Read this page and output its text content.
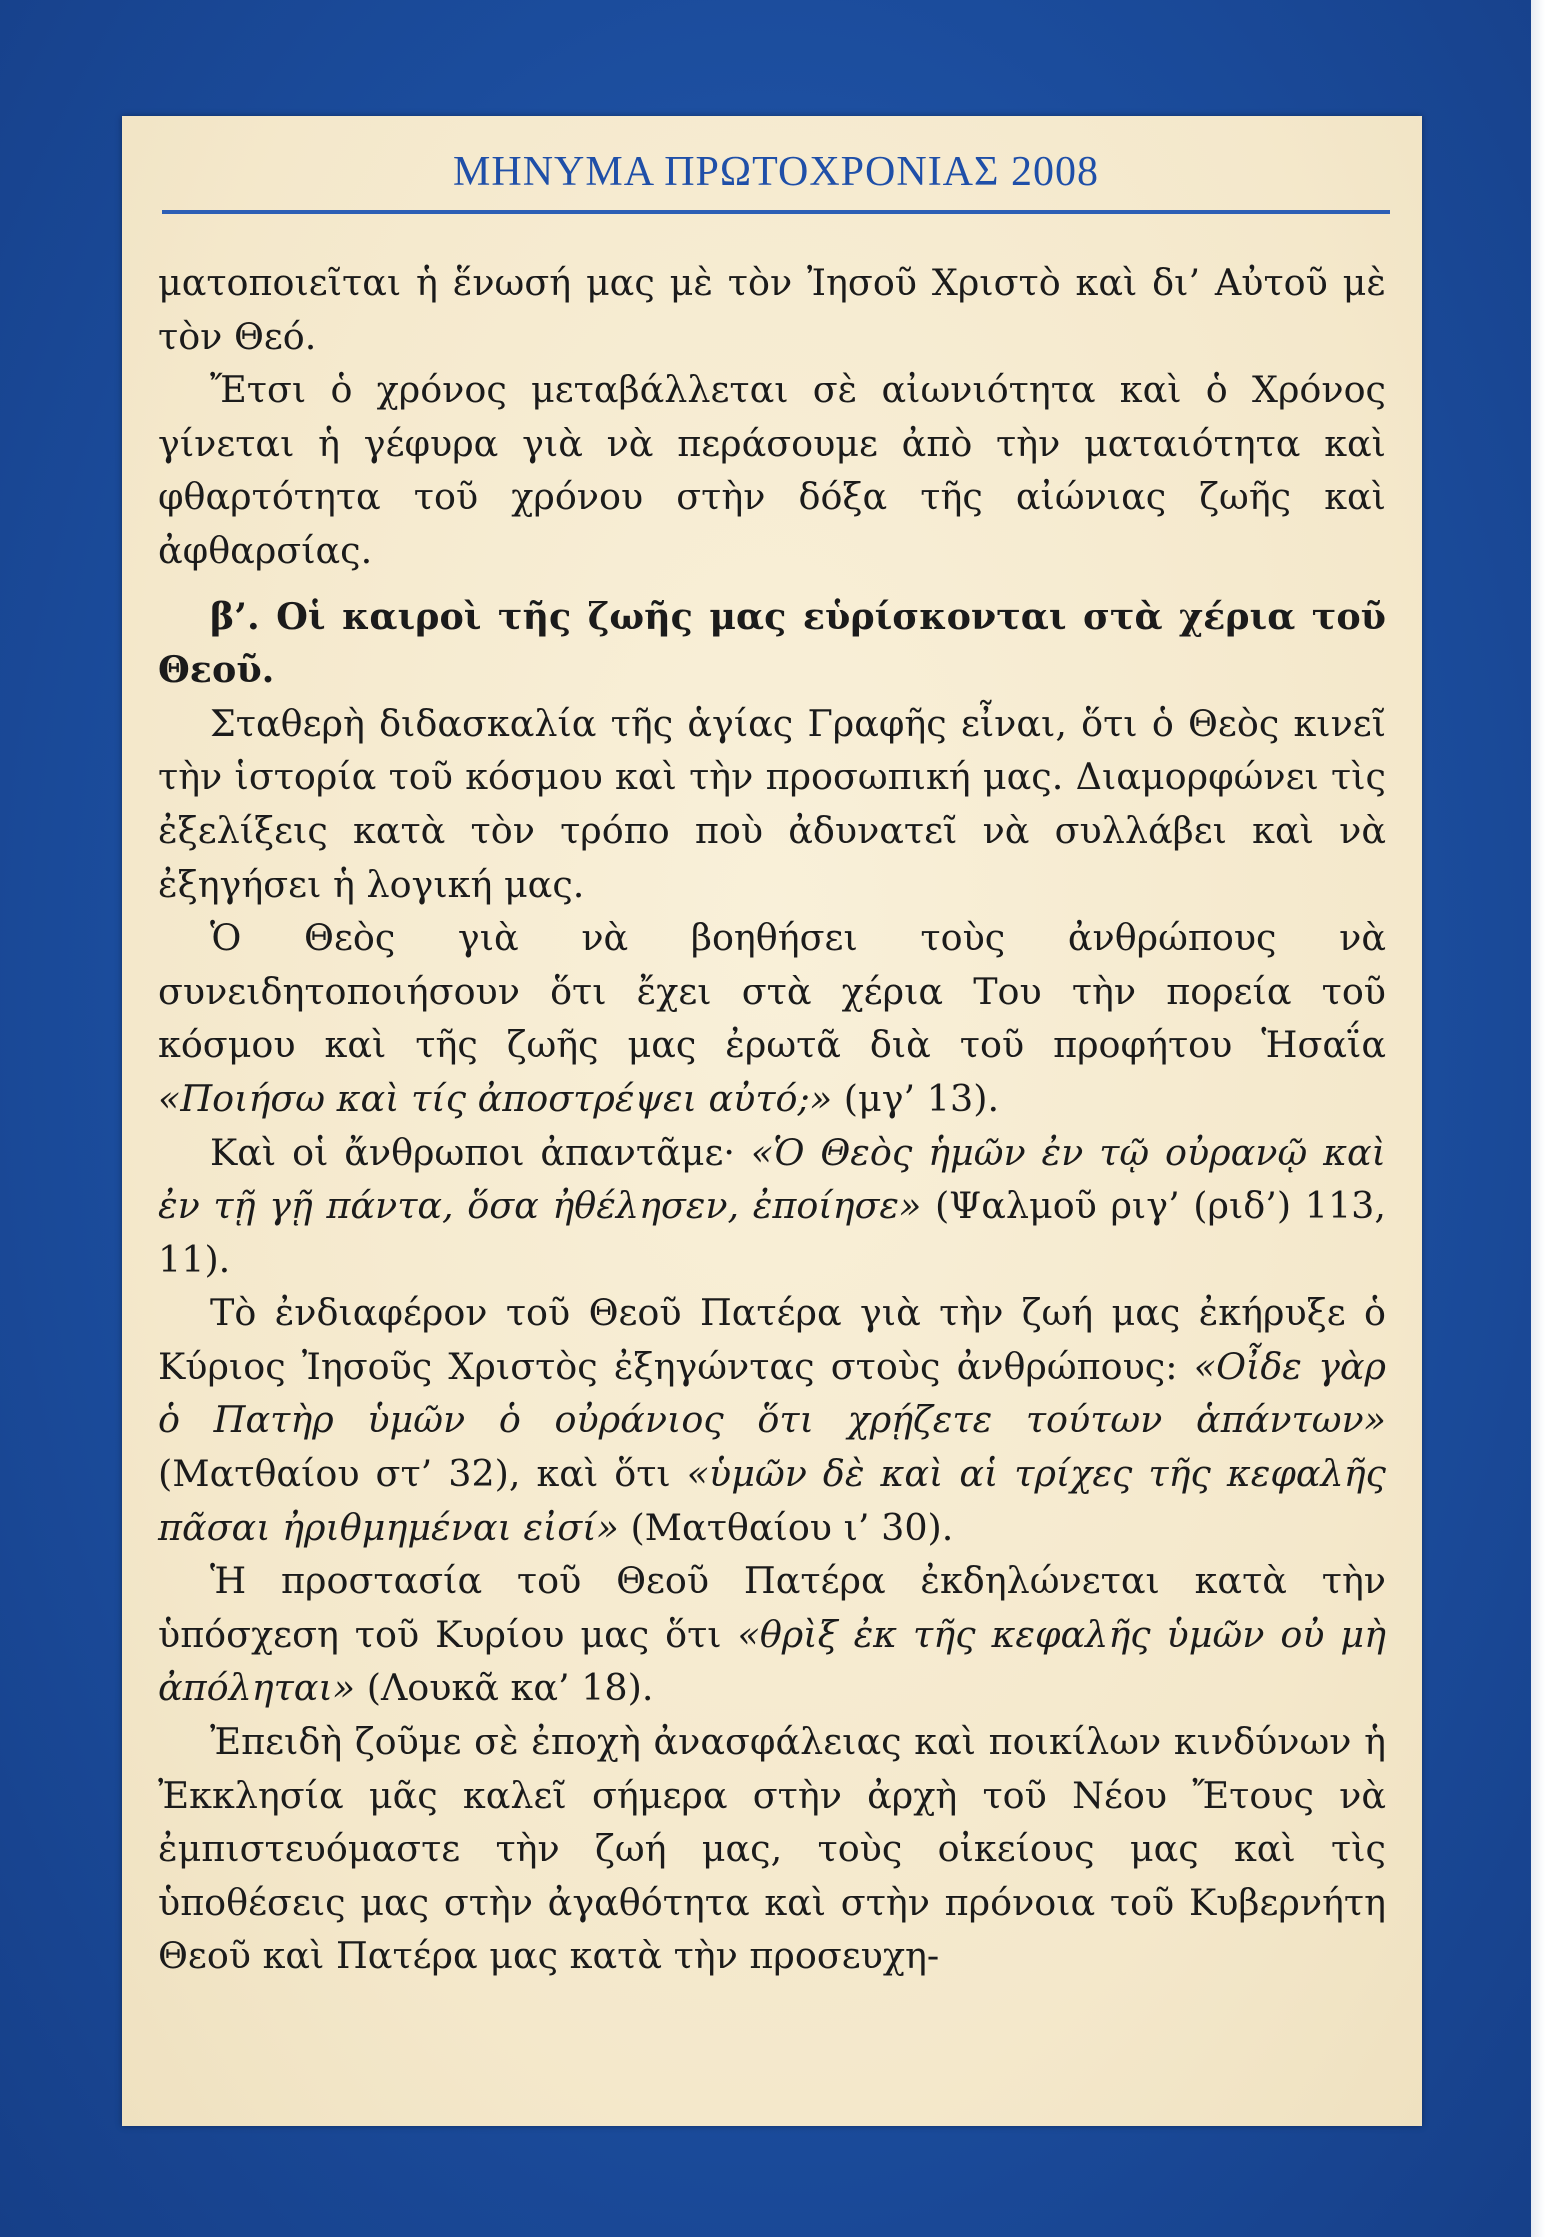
ΜΗΝΥΜΑ ΠΡΩΤΟΧΡΟΝΙΑΣ 2008

ματοποιεῖται ἡ ἕνωσή μας μὲ τὸν Ἰησοῦ Χριστὸ καὶ δι’ Αὐτοῦ μὲ τὸν Θεό.

Ἔτσι ὁ χρόνος μεταβάλλεται σὲ αἰωνιότητα καὶ ὁ Χρόνος γίνεται ἡ γέφυρα γιὰ νὰ περάσουμε ἀπὸ τὴν ματαιότητα καὶ φθαρτότητα τοῦ χρόνου στὴν δόξα τῆς αἰώνιας ζωῆς καὶ ἀφθαρσίας.

β’. Οἱ καιροὶ τῆς ζωῆς μας εὑρίσκονται στὰ χέρια τοῦ Θεοῦ.

Σταθερὴ διδασκαλία τῆς ἁγίας Γραφῆς εἶναι, ὅτι ὁ Θεὸς κινεῖ τὴν ἱστορία τοῦ κόσμου καὶ τὴν προσωπική μας. Διαμορφώνει τὶς ἐξελίξεις κατὰ τὸν τρόπο ποὺ ἀδυνατεῖ νὰ συλλάβει καὶ νὰ ἐξηγήσει ἡ λογική μας.

Ὁ Θεὸς γιὰ νὰ βοηθήσει τοὺς ἀνθρώπους νὰ συνειδητοποιήσουν ὅτι ἔχει στὰ χέρια Του τὴν πορεία τοῦ κόσμου καὶ τῆς ζωῆς μας ἐρωτᾶ διὰ τοῦ προφήτου Ἡσαΐα «Ποιήσω καὶ τίς ἀποστρέψει αὐτό;» (μγ’ 13).

Καὶ οἱ ἄνθρωποι ἀπαντᾶμε· «Ὁ Θεὸς ἡμῶν ἐν τῷ οὐρανῷ καὶ ἐν τῇ γῇ πάντα, ὅσα ἠθέλησεν, ἐποίησε» (Ψαλμοῦ ριγ’ (ριδ’) 113, 11).

Τὸ ἐνδιαφέρον τοῦ Θεοῦ Πατέρα γιὰ τὴν ζωή μας ἐκήρυξε ὁ Κύριος Ἰησοῦς Χριστὸς ἐξηγώντας στοὺς ἀνθρώπους: «Οἶδε γὰρ ὁ Πατὴρ ὑμῶν ὁ οὐράνιος ὅτι χρῄζετε τούτων ἁπάντων» (Ματθαίου στ’ 32), καὶ ὅτι «ὑμῶν δὲ καὶ αἱ τρίχες τῆς κεφαλῆς πᾶσαι ἠριθμημέναι εἰσί» (Ματθαίου ι’ 30).

Ἡ προστασία τοῦ Θεοῦ Πατέρα ἐκδηλώνεται κατὰ τὴν ὑπόσχεση τοῦ Κυρίου μας ὅτι «θρὶξ ἐκ τῆς κεφαλῆς ὑμῶν οὐ μὴ ἀπόληται» (Λουκᾶ κα’ 18).

Ἐπειδὴ ζοῦμε σὲ ἐποχὴ ἀνασφάλειας καὶ ποικίλων κινδύνων ἡ Ἐκκλησία μᾶς καλεῖ σήμερα στὴν ἀρχὴ τοῦ Νέου Ἔτους νὰ ἐμπιστευόμαστε τὴν ζωή μας, τοὺς οἰκείους μας καὶ τὶς ὑποθέσεις μας στὴν ἀγαθότητα καὶ στὴν πρόνοια τοῦ Κυβερνήτη Θεοῦ καὶ Πατέρα μας κατὰ τὴν προσευχη-
